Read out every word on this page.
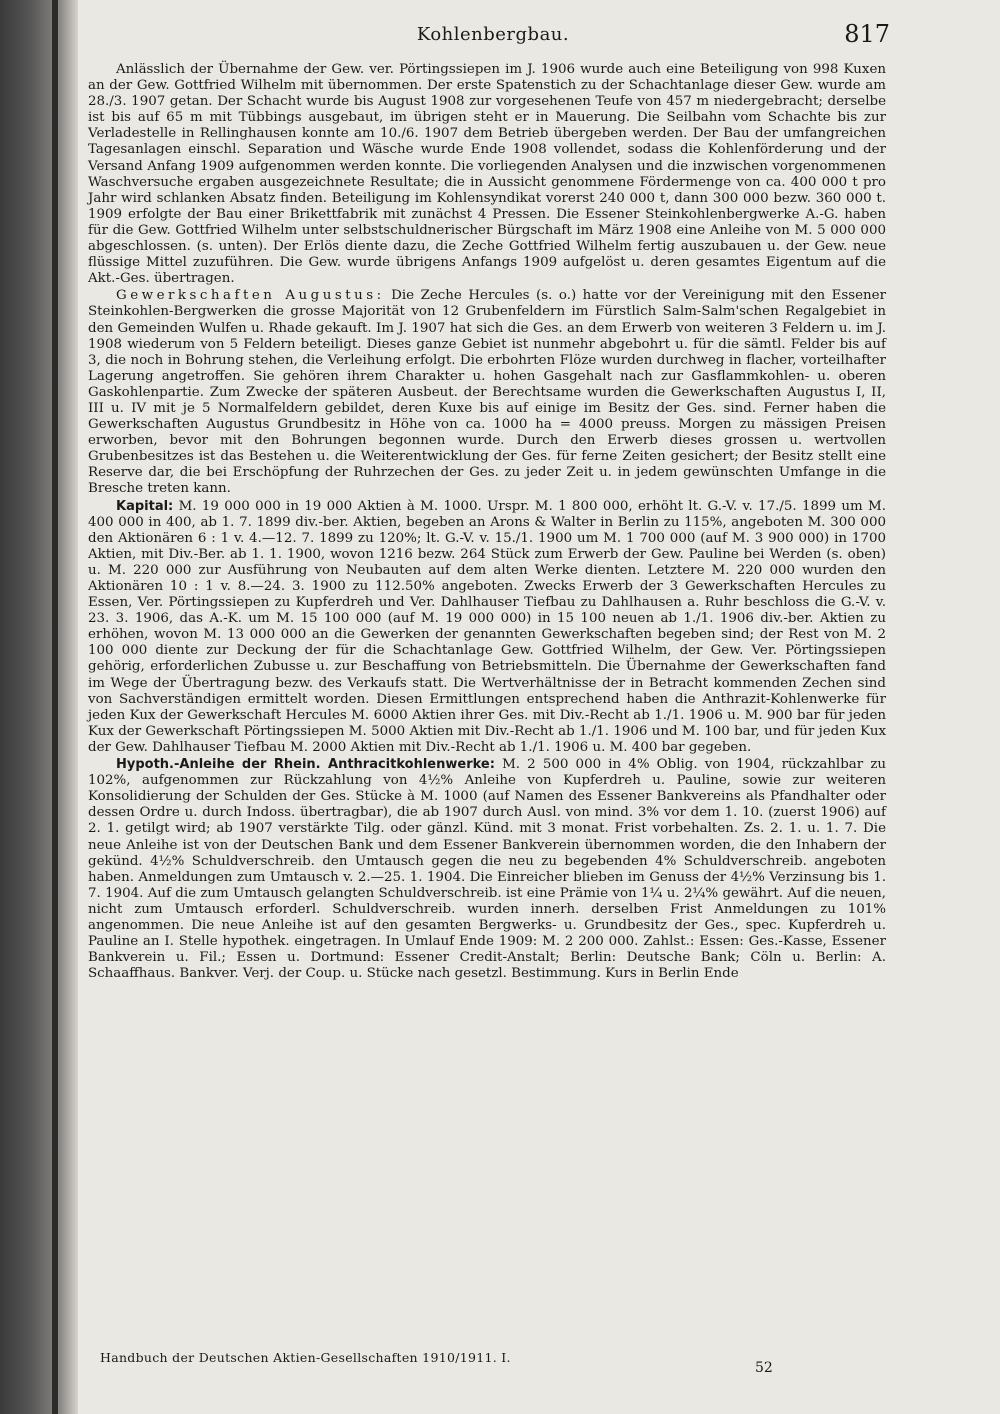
Kohlenbergbau.	817

Anlässlich der Übernahme der Gew. ver. Pörtingssiepen im J. 1906 wurde auch eine Beteiligung von 998 Kuxen an der Gew. Gottfried Wilhelm mit übernommen. Der erste Spatenstich zu der Schachtanlage dieser Gew. wurde am 28./3. 1907 getan. Der Schacht wurde bis August 1908 zur vorgesehenen Teufe von 457 m niedergebracht; derselbe ist bis auf 65 m mit Tübbings ausgebaut, im übrigen steht er in Mauerung. Die Seilbahn vom Schachte bis zur Verladestelle in Rellinghausen konnte am 10./6. 1907 dem Betrieb übergeben werden. Der Bau der umfangreichen Tagesanlagen einschl. Separation und Wäsche wurde Ende 1908 vollendet, sodass die Kohlenförderung und der Versand Anfang 1909 aufgenommen werden konnte. Die vorliegenden Analysen und die inzwischen vorgenommenen Waschversuche ergaben ausgezeichnete Resultate; die in Aussicht genommene Fördermenge von ca. 400 000 t pro Jahr wird schlanken Absatz finden. Beteiligung im Kohlensyndikat vorerst 240 000 t, dann 300 000 bezw. 360 000 t. 1909 erfolgte der Bau einer Brikettfabrik mit zunächst 4 Pressen. Die Essener Steinkohlenbergwerke A.-G. haben für die Gew. Gottfried Wilhelm unter selbstschuldnerischer Bürgschaft im März 1908 eine Anleihe von M. 5 000 000 abgeschlossen. (s. unten). Der Erlös diente dazu, die Zeche Gottfried Wilhelm fertig auszubauen u. der Gew. neue flüssige Mittel zuzuführen. Die Gew. wurde übrigens Anfangs 1909 aufgelöst u. deren gesamtes Eigentum auf die Akt.-Ges. übertragen.

Gewerkschaften Augustus: Die Zeche Hercules (s. o.) hatte vor der Vereinigung mit den Essener Steinkohlen-Bergwerken die grosse Majorität von 12 Grubenfeldern im Fürstlich Salm-Salm'schen Regalgebiet in den Gemeinden Wulfen u. Rhade gekauft. Im J. 1907 hat sich die Ges. an dem Erwerb von weiteren 3 Feldern u. im J. 1908 wiederum von 5 Feldern beteiligt. Dieses ganze Gebiet ist nunmehr abgebohrt u. für die sämtl. Felder bis auf 3, die noch in Bohrung stehen, die Verleihung erfolgt. Die erbohrten Flöze wurden durchweg in flacher, vorteilhafter Lagerung angetroffen. Sie gehören ihrem Charakter u. hohen Gasgehalt nach zur Gasflammkohlen- u. oberen Gaskohlenpartie. Zum Zwecke der späteren Ausbeut. der Berechtsame wurden die Gewerkschaften Augustus I, II, III u. IV mit je 5 Normalfeldern gebildet, deren Kuxe bis auf einige im Besitz der Ges. sind. Ferner haben die Gewerkschaften Augustus Grundbesitz in Höhe von ca. 1000 ha = 4000 preuss. Morgen zu mässigen Preisen erworben, bevor mit den Bohrungen begonnen wurde. Durch den Erwerb dieses grossen u. wertvollen Grubenbesitzes ist das Bestehen u. die Weiterentwicklung der Ges. für ferne Zeiten gesichert; der Besitz stellt eine Reserve dar, die bei Erschöpfung der Ruhrzechen der Ges. zu jeder Zeit u. in jedem gewünschten Umfange in die Bresche treten kann.

Kapital: M. 19 000 000 in 19 000 Aktien à M. 1000. Urspr. M. 1 800 000, erhöht lt. G.-V. v. 17./5. 1899 um M. 400 000 in 400, ab 1. 7. 1899 div.-ber. Aktien, begeben an Arons & Walter in Berlin zu 115%, angeboten M. 300 000 den Aktionären 6 : 1 v. 4.—12. 7. 1899 zu 120%; lt. G.-V. v. 15./1. 1900 um M. 1 700 000 (auf M. 3 900 000) in 1700 Aktien, mit Div.-Ber. ab 1. 1. 1900, wovon 1216 bezw. 264 Stück zum Erwerb der Gew. Pauline bei Werden (s. oben) u. M. 220 000 zur Ausführung von Neubauten auf dem alten Werke dienten. Letztere M. 220 000 wurden den Aktionären 10 : 1 v. 8.—24. 3. 1900 zu 112.50% angeboten. Zwecks Erwerb der 3 Gewerkschaften Hercules zu Essen, Ver. Pörtingssiepen zu Kupferdreh und Ver. Dahlhauser Tiefbau zu Dahlhausen a. Ruhr beschloss die G.-V. v. 23. 3. 1906, das A.-K. um M. 15 100 000 (auf M. 19 000 000) in 15 100 neuen ab 1./1. 1906 div.-ber. Aktien zu erhöhen, wovon M. 13 000 000 an die Gewerken der genannten Gewerkschaften begeben sind; der Rest von M. 2 100 000 diente zur Deckung der für die Schachtanlage Gew. Gottfried Wilhelm, der Gew. Ver. Pörtingssiepen gehörig, erforderlichen Zubusse u. zur Beschaffung von Betriebsmitteln. Die Übernahme der Gewerkschaften fand im Wege der Übertragung bezw. des Verkaufs statt. Die Wertverhältnisse der in Betracht kommenden Zechen sind von Sachverständigen ermittelt worden. Diesen Ermittlungen entsprechend haben die Anthrazit-Kohlenwerke für jeden Kux der Gewerkschaft Hercules M. 6000 Aktien ihrer Ges. mit Div.-Recht ab 1./1. 1906 u. M. 900 bar für jeden Kux der Gewerkschaft Pörtingssiepen M. 5000 Aktien mit Div.-Recht ab 1./1. 1906 und M. 100 bar, und für jeden Kux der Gew. Dahlhauser Tiefbau M. 2000 Aktien mit Div.-Recht ab 1./1. 1906 u. M. 400 bar gegeben.

Hypoth.-Anleihe der Rhein. Anthracitkohlenwerke: M. 2 500 000 in 4% Oblig. von 1904, rückzahlbar zu 102%, aufgenommen zur Rückzahlung von 4½% Anleihe von Kupferdreh u. Pauline, sowie zur weiteren Konsolidierung der Schulden der Ges. Stücke à M. 1000 (auf Namen des Essener Bankvereins als Pfandhalter oder dessen Ordre u. durch Indoss. übertragbar), die ab 1907 durch Ausl. von mind. 3% vor dem 1. 10. (zuerst 1906) auf 2. 1. getilgt wird; ab 1907 verstärkte Tilg. oder gänzl. Künd. mit 3 monat. Frist vorbehalten. Zs. 2. 1. u. 1. 7. Die neue Anleihe ist von der Deutschen Bank und dem Essener Bankverein übernommen worden, die den Inhabern der gekünd. 4½% Schuldverschreib. den Umtausch gegen die neu zu begebenden 4% Schuldverschreib. angeboten haben. Anmeldungen zum Umtausch v. 2.—25. 1. 1904. Die Einreicher blieben im Genuss der 4½% Verzinsung bis 1. 7. 1904. Auf die zum Umtausch gelangten Schuldverschreib. ist eine Prämie von 1¼ u. 2¼% gewährt. Auf die neuen, nicht zum Umtausch erforderl. Schuldverschreib. wurden innerh. derselben Frist Anmeldungen zu 101% angenommen. Die neue Anleihe ist auf den gesamten Bergwerks- u. Grundbesitz der Ges., spec. Kupferdreh u. Pauline an I. Stelle hypothek. eingetragen. In Umlauf Ende 1909: M. 2 200 000. Zahlst.: Essen: Ges.-Kasse, Essener Bankverein u. Fil.; Essen u. Dortmund: Essener Credit-Anstalt; Berlin: Deutsche Bank; Cöln u. Berlin: A. Schaaffhaus. Bankver. Verj. der Coup. u. Stücke nach gesetzl. Bestimmung. Kurs in Berlin Ende

Handbuch der Deutschen Aktien-Gesellschaften 1910/1911. I.
52
